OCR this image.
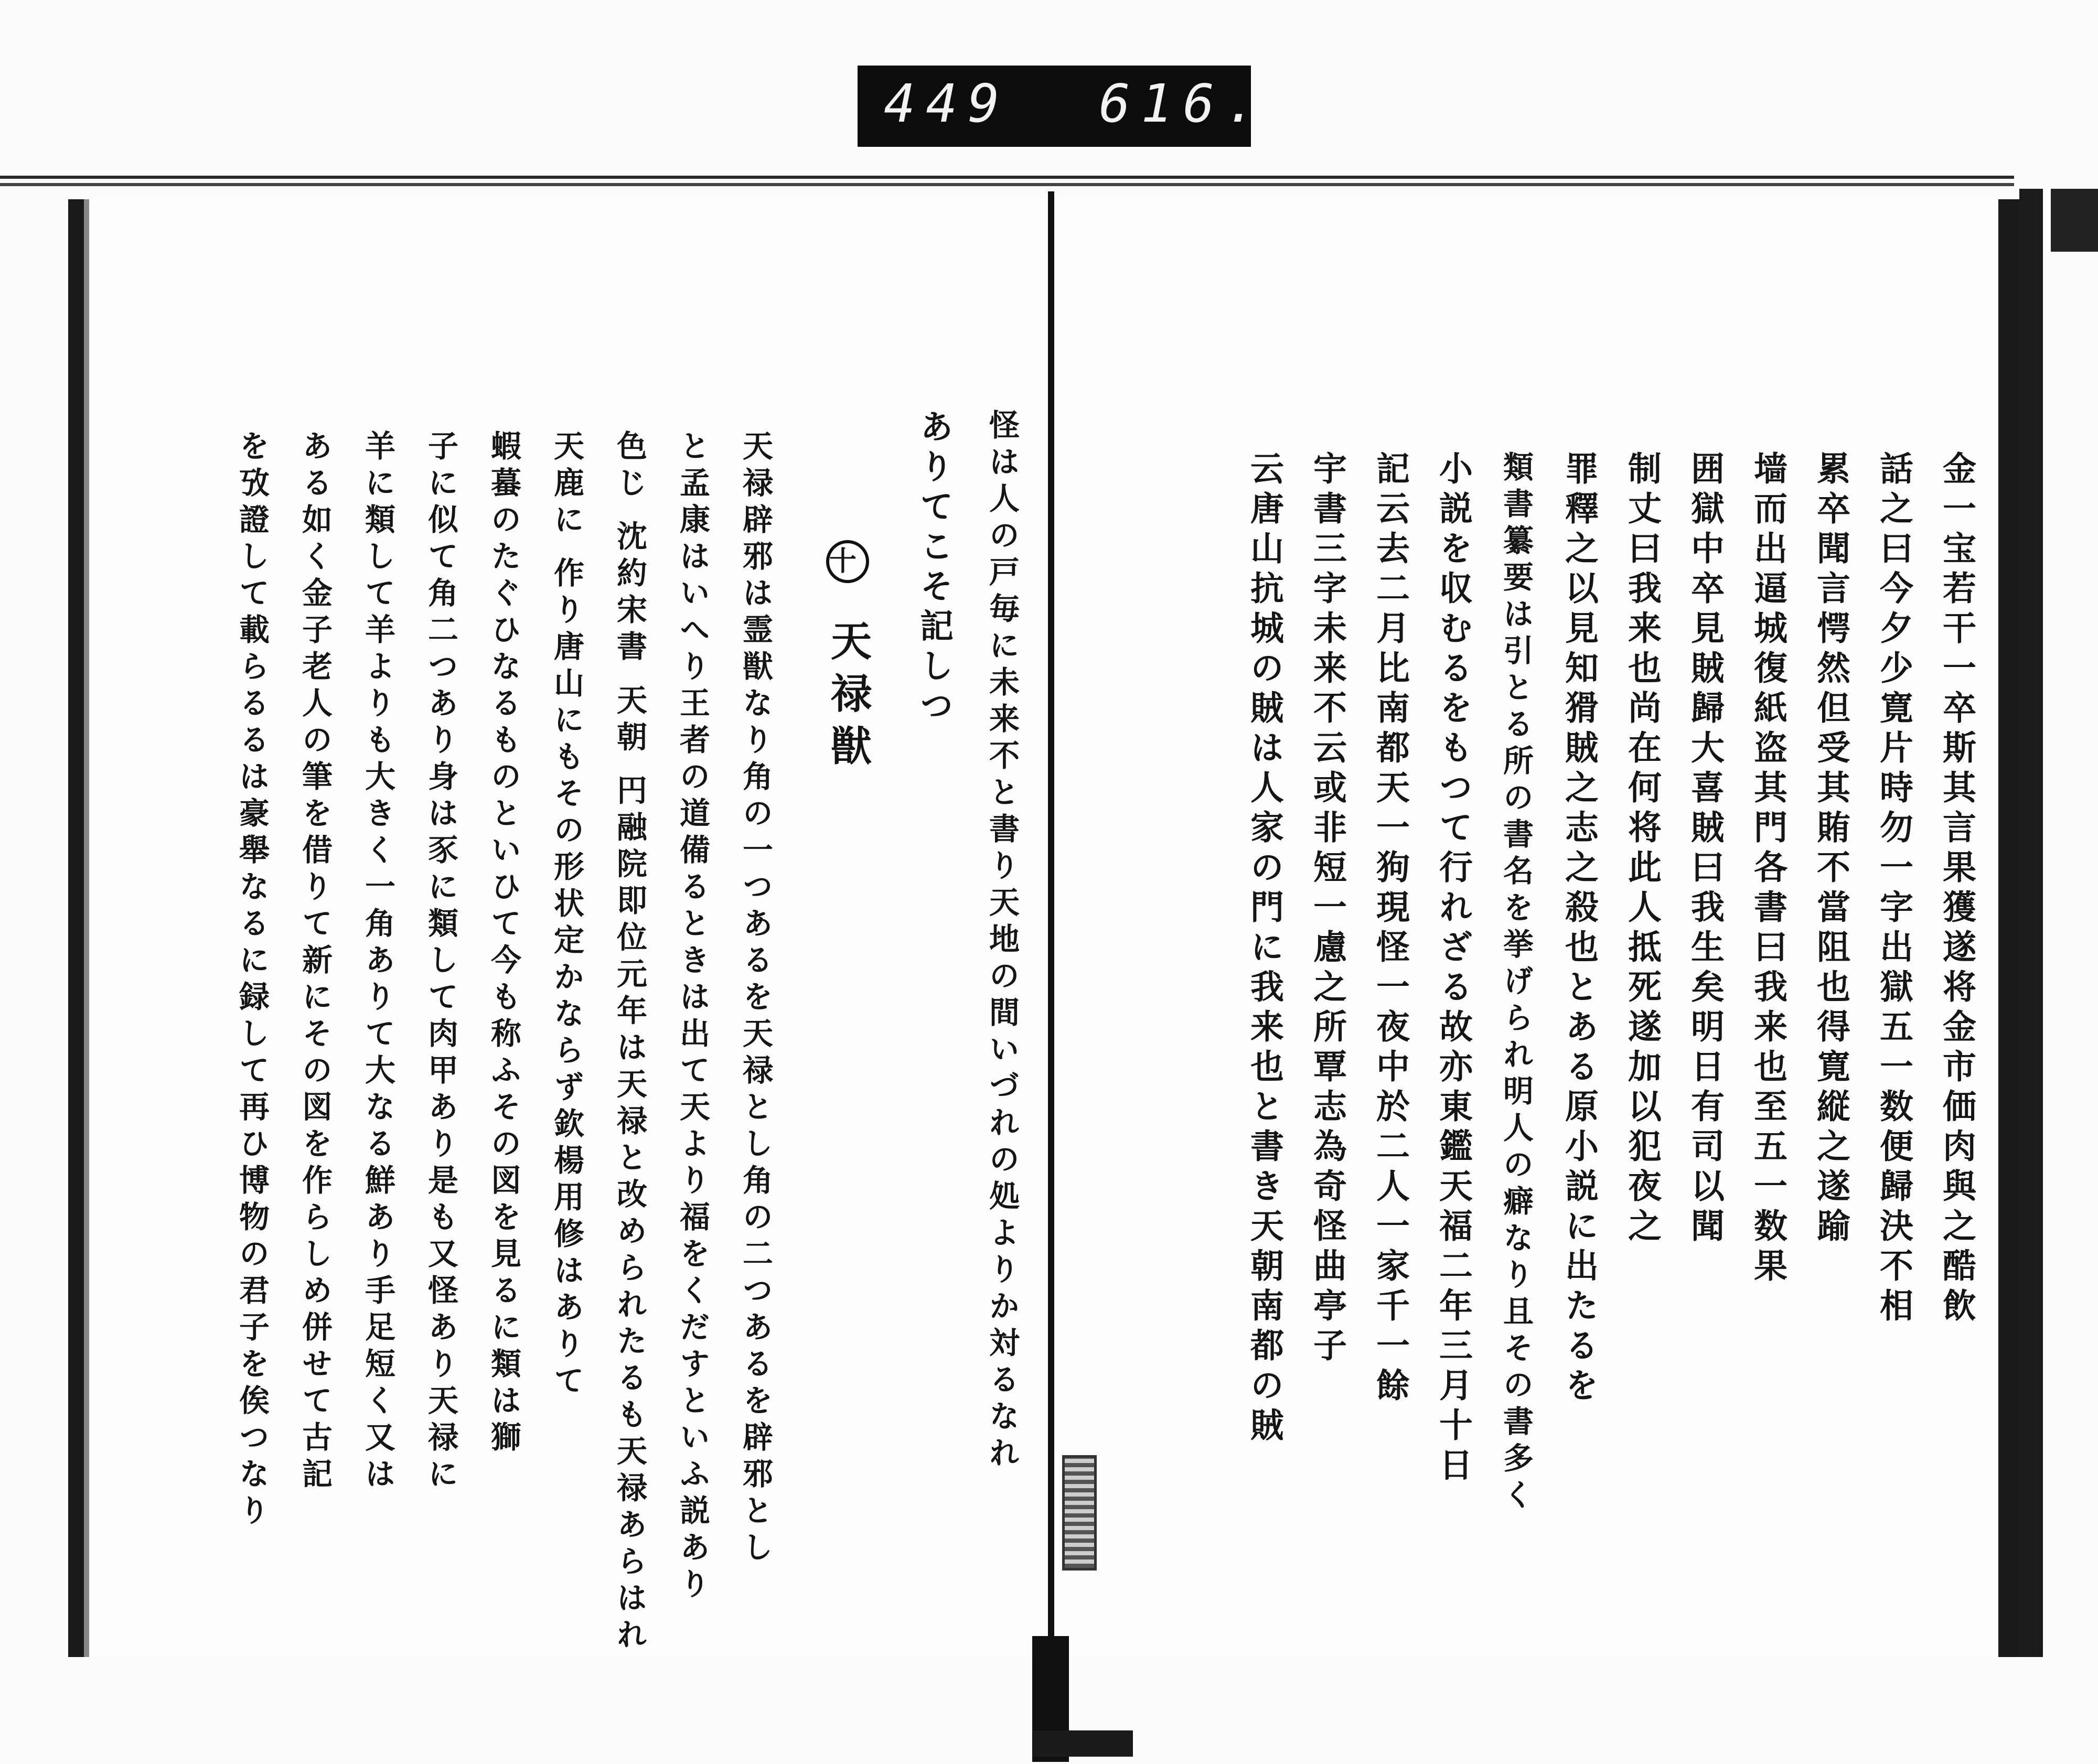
449 616.
金一宝若干一卒斯其言果獲遂将金市価肉與之酷飲
話之曰今夕少寛片時勿一字出獄五一数便歸決不相
累卒聞言愕然但受其賄不當阻也得寛縦之遂踰
墙而出逼城復紙盗其門各書曰我来也至五一数果
囲獄中卒見賊歸大喜賊曰我生矣明日有司以聞
制丈曰我来也尚在何将此人抵死遂加以犯夜之
罪釋之以見知猾賊之志之殺也とある原小説に出たるを
類書纂要は引とる所の書名を挙げられ明人の癖なり且その書多く
小説を収むるをもつて行れざる故亦東鑑天福二年三月十日
記云去二月比南都天一狗現怪一夜中於二人一家千一餘
宇書三字未来不云或非短一慮之所覃志為奇怪曲亭子
云唐山抗城の賊は人家の門に我来也と書き天朝南都の賊
怪は人の戸毎に未来不と書り天地の間いづれの処よりか対るなれ
ありてこそ記しつ
十 天禄獣
天禄辟邪は霊獣なり角の一つあるを天禄とし角の二つあるを辟邪とし
と孟康はいへり王者の道備るときは出て天より福をくだすといふ説あり
色じ 沈約宋書 天朝 円融院即位元年は天禄と改められたるも天禄あらはれ
天鹿に 作り唐山にもその形状定かならず欽楊用修はありて
蝦蟇のたぐひなるものといひて今も称ふその図を見るに類は獅
子に似て角二つあり身は豕に類して肉甲あり是も又怪あり天禄に
羊に類して羊よりも大きく一角ありて大なる鮮あり手足短く又は
ある如く金子老人の筆を借りて新にその図を作らしめ併せて古記
を攷證して載らるるは豪舉なるに録して再ひ博物の君子を俟つなり
